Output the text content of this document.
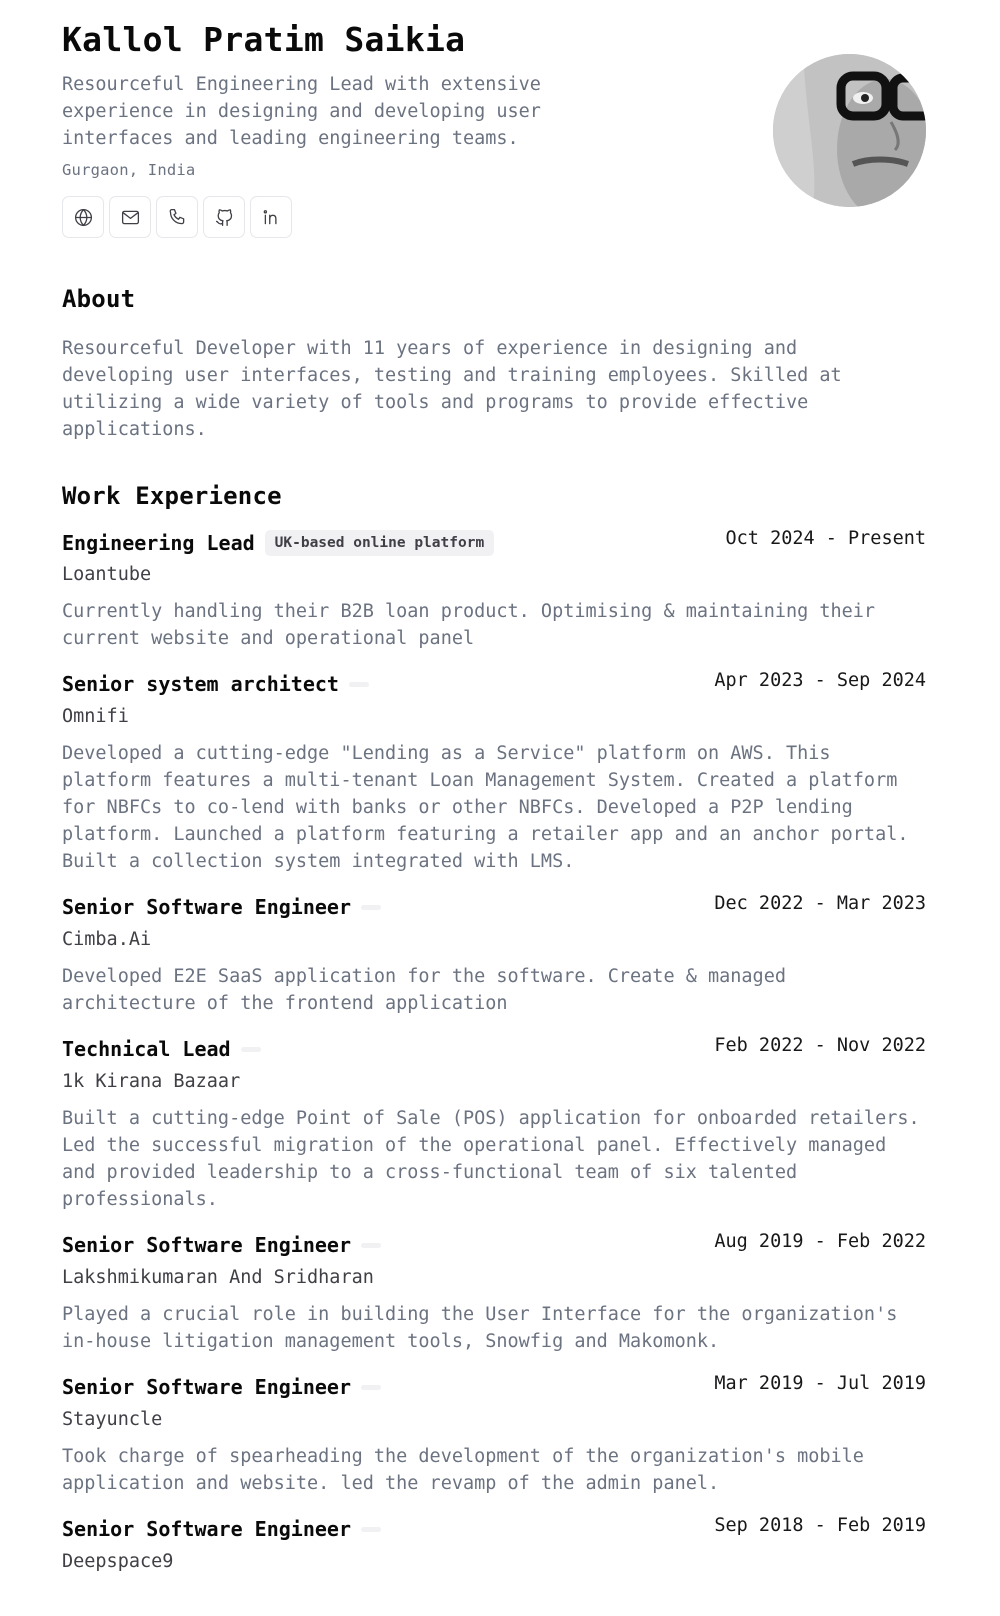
Kallol Pratim Saikia
Resourceful Engineering Lead with extensive experience in designing and developing user interfaces and leading engineering teams.
Gurgaon, India
About
Resourceful Developer with 11 years of experience in designing and developing user interfaces, testing and training employees. Skilled at utilizing a wide variety of tools and programs to provide effective applications.
Work Experience
Engineering Lead UK-based online platform	Oct 2024 - Present
Loantube
Currently handling their B2B loan product. Optimising & maintaining their current website and operational panel
Senior system architect	Apr 2023 - Sep 2024
Omnifi
Developed a cutting-edge "Lending as a Service" platform on AWS. This platform features a multi-tenant Loan Management System. Created a platform for NBFCs to co-lend with banks or other NBFCs. Developed a P2P lending platform. Launched a platform featuring a retailer app and an anchor portal. Built a collection system integrated with LMS.
Senior Software Engineer	Dec 2022 - Mar 2023
Cimba.Ai
Developed E2E SaaS application for the software. Create & managed architecture of the frontend application
Technical Lead	Feb 2022 - Nov 2022
1k Kirana Bazaar
Built a cutting-edge Point of Sale (POS) application for onboarded retailers. Led the successful migration of the operational panel. Effectively managed and provided leadership to a cross-functional team of six talented professionals.
Senior Software Engineer	Aug 2019 - Feb 2022
Lakshmikumaran And Sridharan
Played a crucial role in building the User Interface for the organization's in-house litigation management tools, Snowfig and Makomonk.
Senior Software Engineer	Mar 2019 - Jul 2019
Stayuncle
Took charge of spearheading the development of the organization's mobile application and website. led the revamp of the admin panel.
Senior Software Engineer	Sep 2018 - Feb 2019
Deepspace9
